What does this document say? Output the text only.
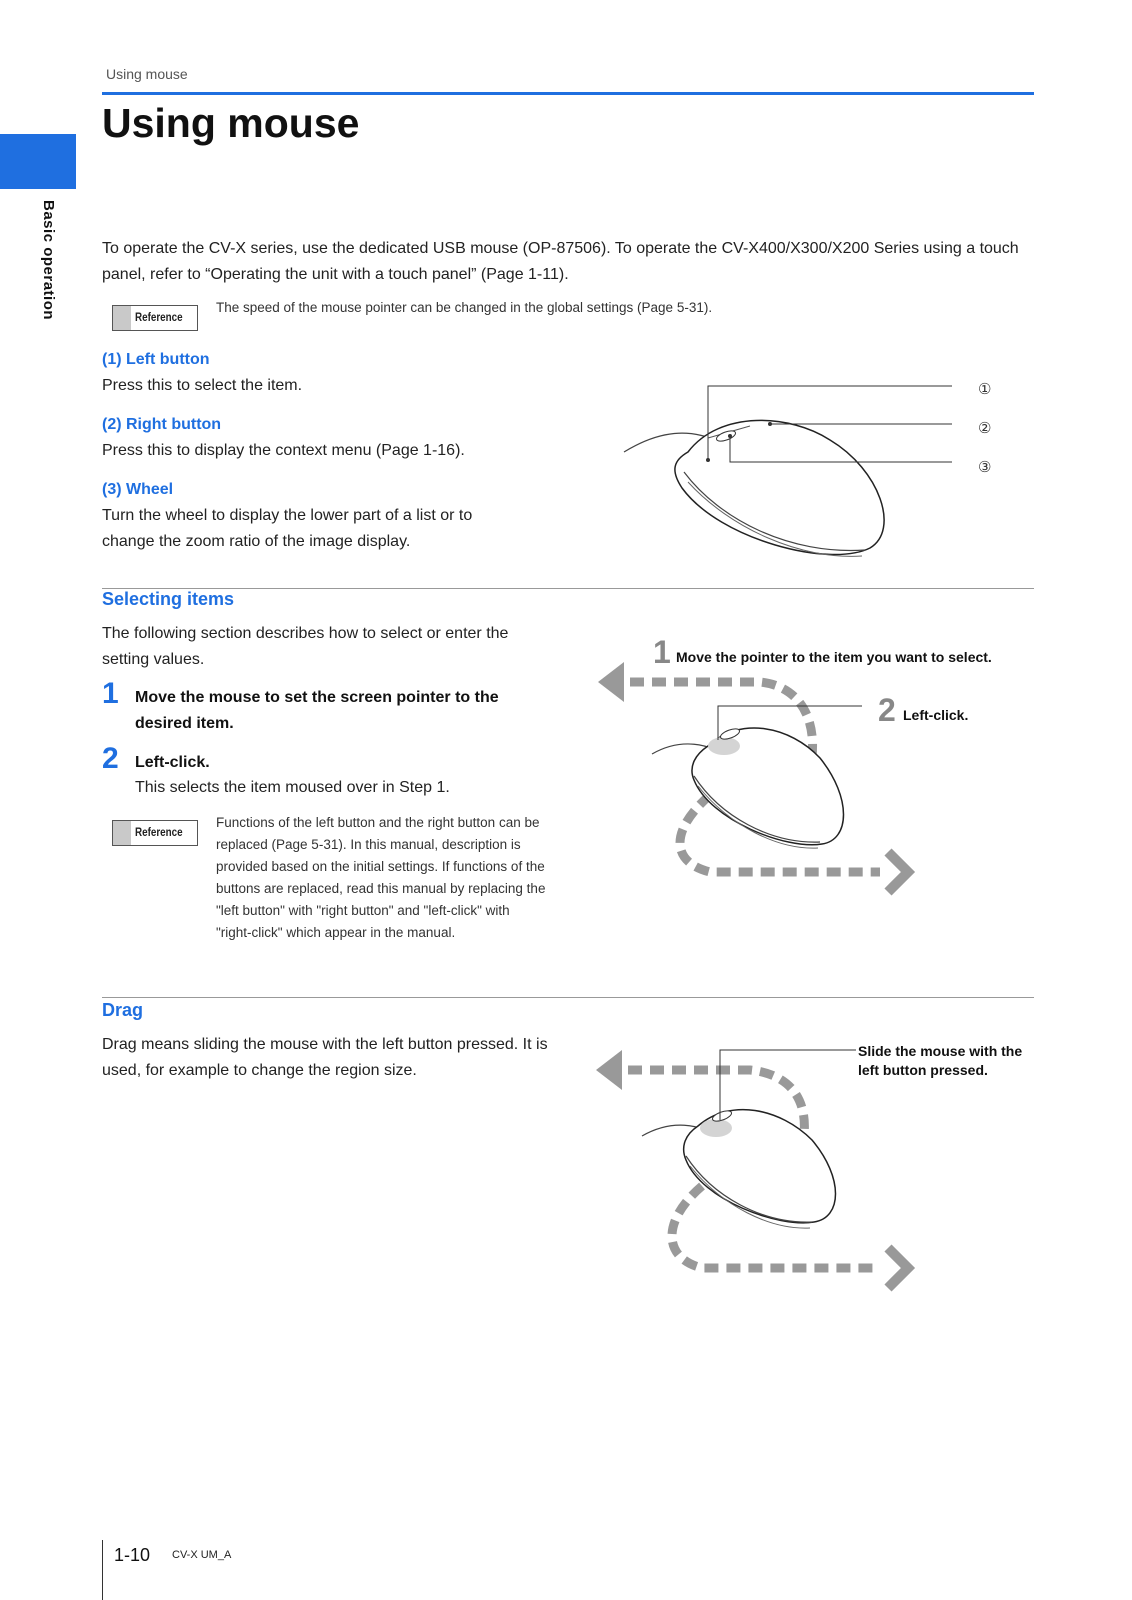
Using mouse
Using mouse
Basic operation	To operate the CV-X series, use the dedicated USB mouse (OP-87506). To operate the CV-X400/X300/X200 Series using a touch panel, refer to “Operating the unit with a touch panel” (Page 1-11).
Reference
The speed of the mouse pointer can be changed in the global settings (Page 5-31).
(1) Left button
Press this to select the item.
(2) Right button
Press this to display the context menu (Page 1-16).
(3) Wheel
Turn the wheel to display the lower part of a list or to change the zoom ratio of the image display.
①
②
③
Selecting items
The following section describes how to select or enter the setting values.
1 Move the mouse to set the screen pointer to the desired item.
2 Left-click.
This selects the item moused over in Step 1.
Reference
Functions of the left button and the right button can be replaced (Page 5-31). In this manual, description is provided based on the initial settings. If functions of the buttons are replaced, read this manual by replacing the "left button" with "right button" and "left-click" with "right-click" which appear in the manual.
1 Move the pointer to the item you want to select.
2 Left-click.
Drag
Drag means sliding the mouse with the left button pressed. It is used, for example to change the region size.
Slide the mouse with the left button pressed.
1-10 CV-X UM_A
